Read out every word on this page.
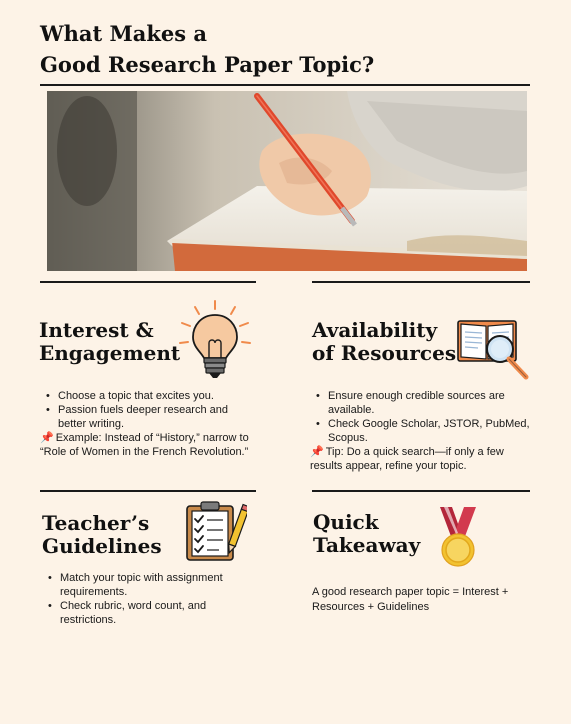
What Makes a
Good Research Paper Topic?
Interest &
Engagement
• Choose a topic that excites you.
• Passion fuels deeper research and better writing.
📌 Example: Instead of “History,” narrow to “Role of Women in the French Revolution.”
Availability
of Resources
• Ensure enough credible sources are available.
• Check Google Scholar, JSTOR, PubMed, Scopus.
📌 Tip: Do a quick search—if only a few results appear, refine your topic.
Teacher’s
Guidelines
• Match your topic with assignment requirements.
• Check rubric, word count, and restrictions.
Quick
Takeaway
A good research paper topic = Interest + Resources + Guidelines
